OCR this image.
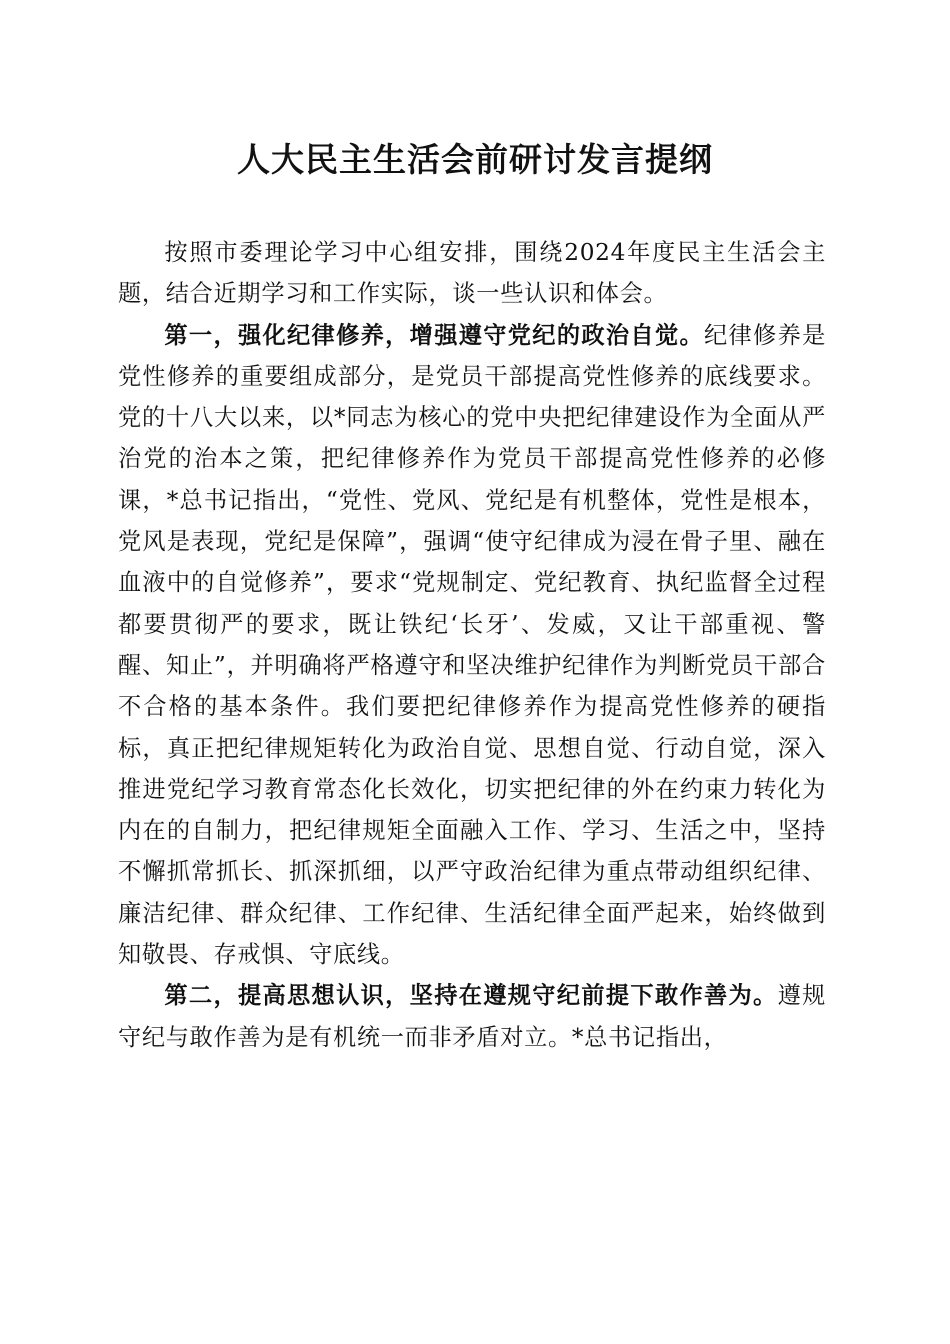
人大民主生活会前研讨发言提纲

按照市委理论学习中心组安排，围绕2024年度民主生活会主题，结合近期学习和工作实际，谈一些认识和体会。

第一，强化纪律修养，增强遵守党纪的政治自觉。纪律修养是党性修养的重要组成部分，是党员干部提高党性修养的底线要求。党的十八大以来，以*同志为核心的党中央把纪律建设作为全面从严治党的治本之策，把纪律修养作为党员干部提高党性修养的必修课，*总书记指出，“党性、党风、党纪是有机整体，党性是根本，党风是表现，党纪是保障”，强调“使守纪律成为浸在骨子里、融在血液中的自觉修养”，要求“党规制定、党纪教育、执纪监督全过程都要贯彻严的要求，既让铁纪‘长牙’、发威，又让干部重视、警醒、知止”，并明确将严格遵守和坚决维护纪律作为判断党员干部合不合格的基本条件。我们要把纪律修养作为提高党性修养的硬指标，真正把纪律规矩转化为政治自觉、思想自觉、行动自觉，深入推进党纪学习教育常态化长效化，切实把纪律的外在约束力转化为内在的自制力，把纪律规矩全面融入工作、学习、生活之中，坚持不懈抓常抓长、抓深抓细，以严守政治纪律为重点带动组织纪律、廉洁纪律、群众纪律、工作纪律、生活纪律全面严起来，始终做到知敬畏、存戒惧、守底线。

第二，提高思想认识，坚持在遵规守纪前提下敢作善为。遵规守纪与敢作善为是有机统一而非矛盾对立。*总书记指出，
